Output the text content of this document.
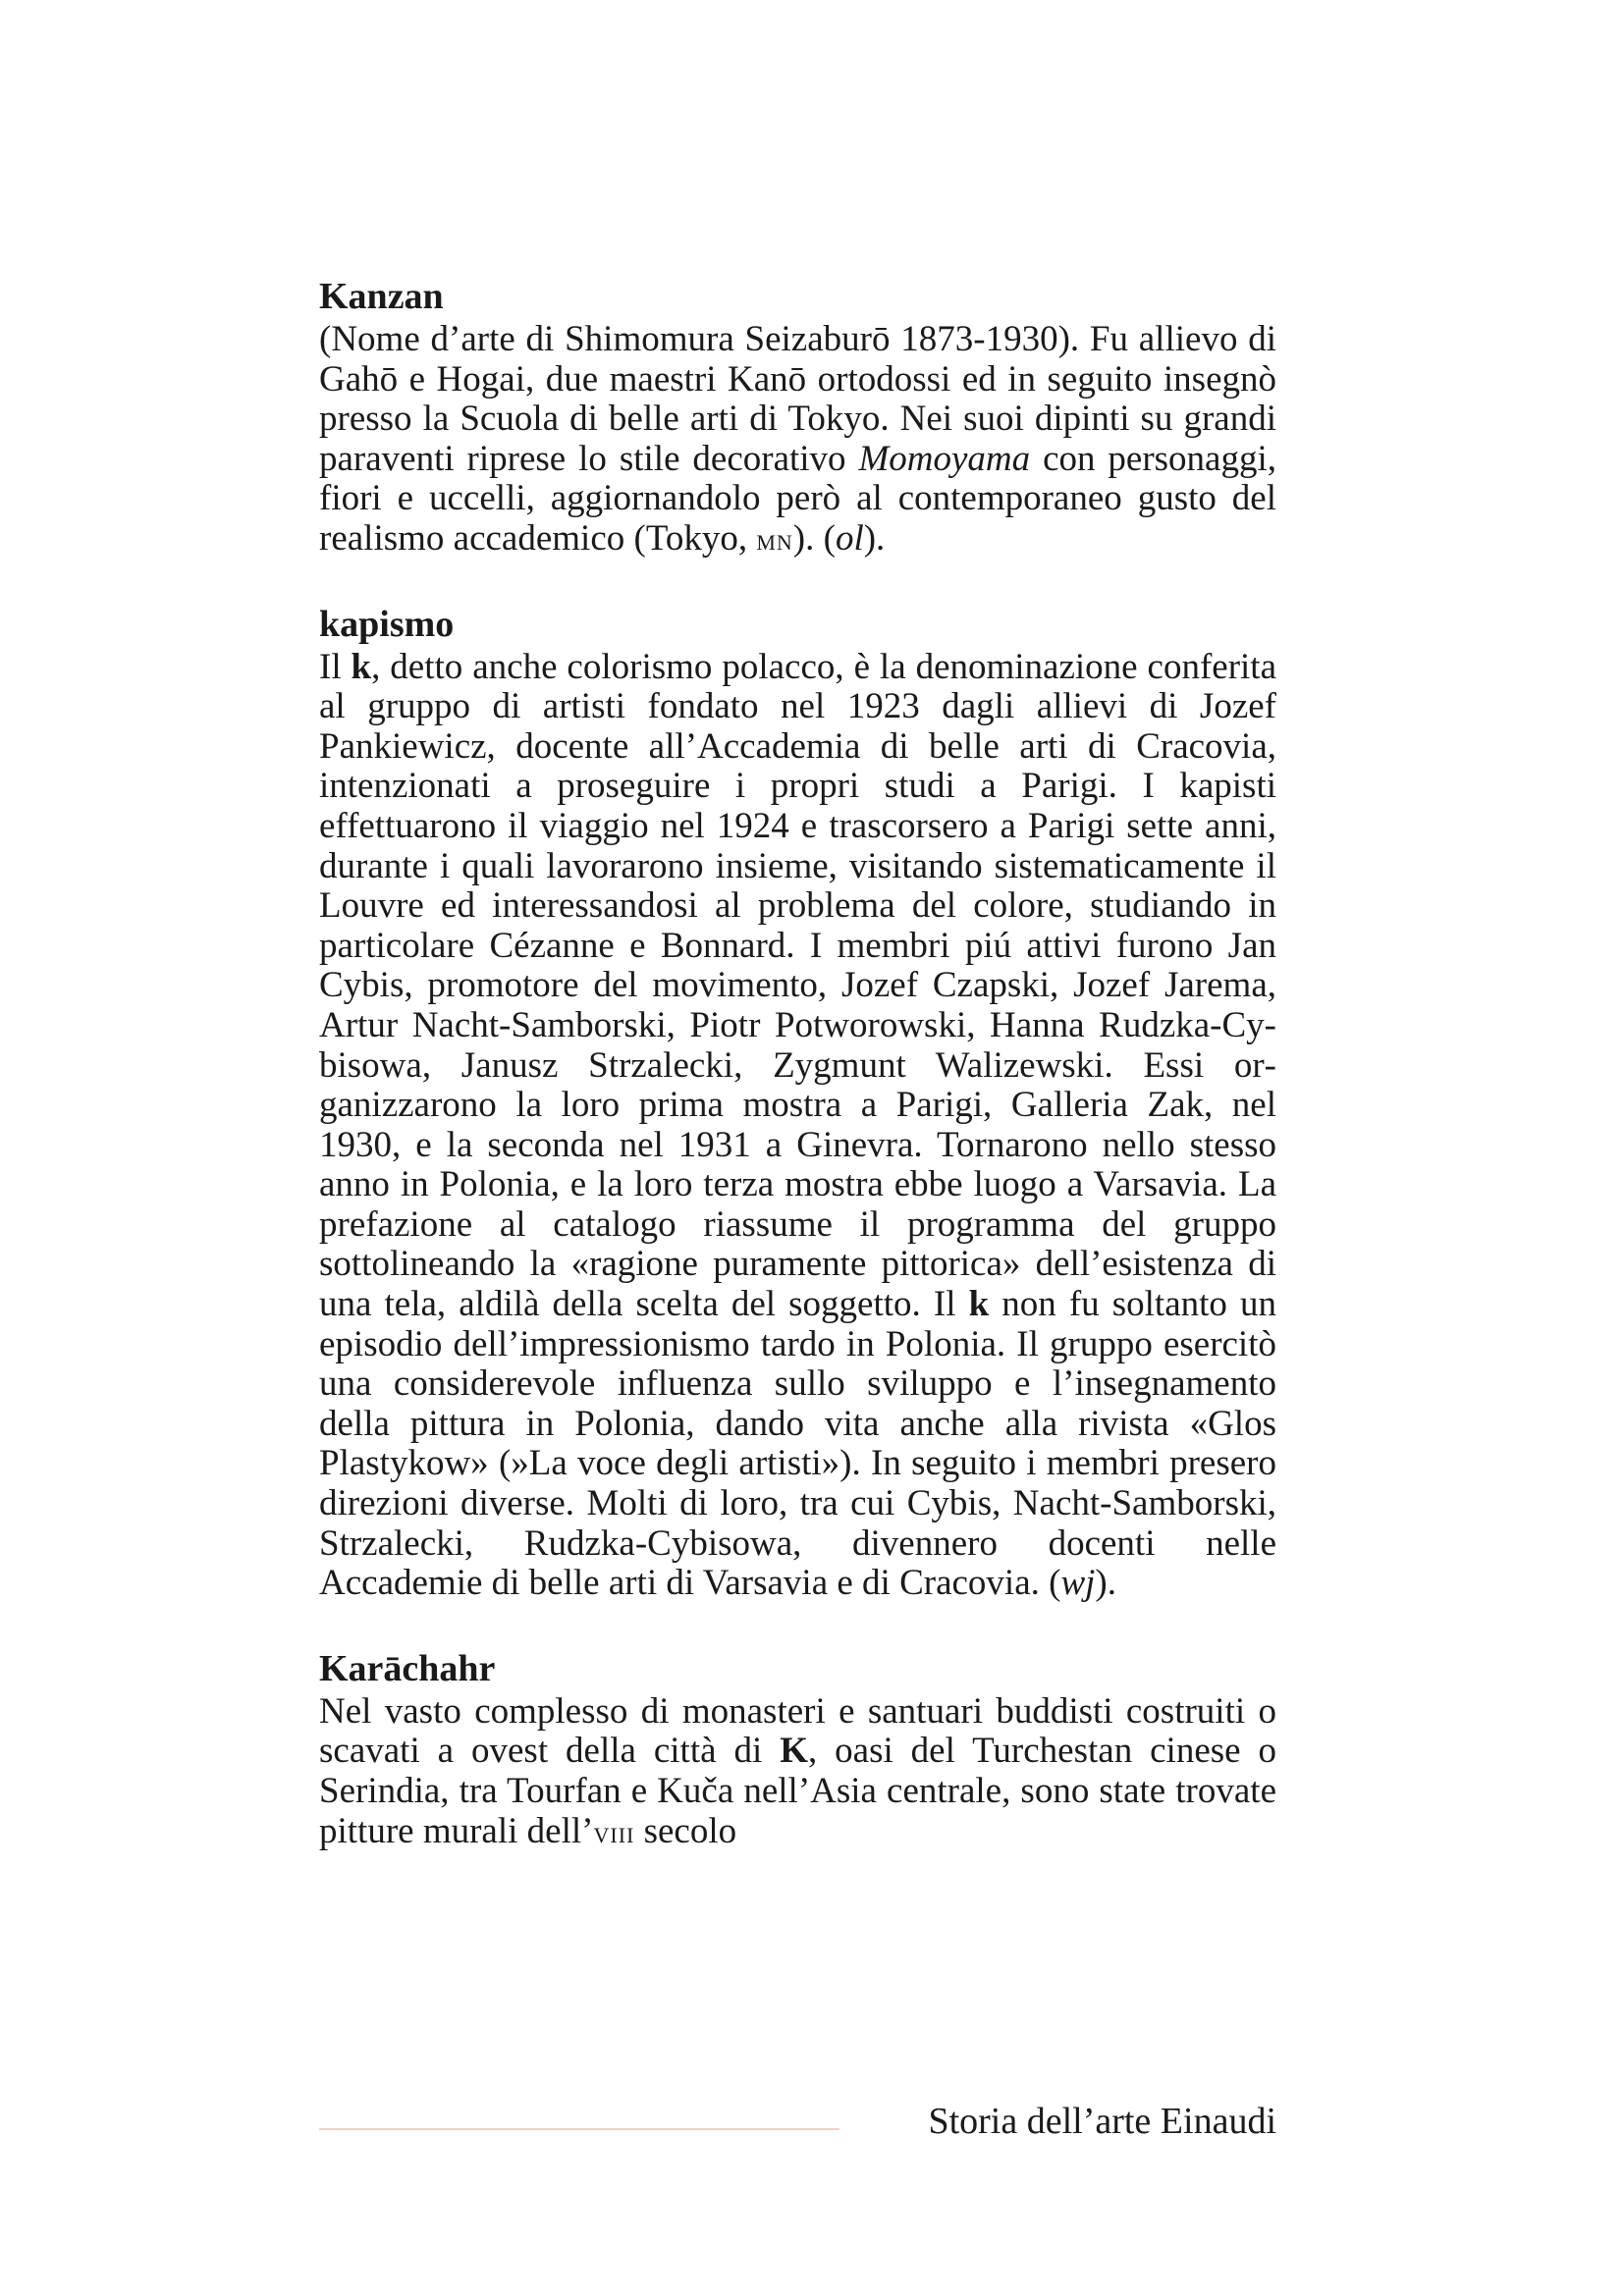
Kanzan

(Nome d’arte di Shimomura Seizaburō 1873-1930). Fu allievo di Gahō e Hogai, due maestri Kanō ortodossi ed in seguito insegnò presso la Scuola di belle arti di Tokyo. Nei suoi dipinti su grandi paraventi riprese lo stile decorativo Momoyama con personaggi, fiori e uccelli, aggiornandolo però al contemporaneo gusto del realismo accademico (Tokyo, mn). (ol).

kapismo

Il k, detto anche colorismo polacco, è la denominazione conferita al gruppo di artisti fondato nel 1923 dagli allievi di Jozef Pankiewicz, docente all’Accademia di belle arti di Cracovia, intenzionati a proseguire i propri studi a Parigi. I kapisti effettuarono il viaggio nel 1924 e trascorsero a Parigi sette anni, durante i quali lavorarono insieme, visitando sistematicamente il Louvre ed interessandosi al problema del colore, studiando in particolare Cézanne e Bonnard. I membri piú attivi furono Jan Cybis, promotore del movimento, Jozef Czapski, Jozef Jarema, Artur Nacht-Samborski, Piotr Potworowski, Hanna Rudzka-Cybisowa, Janusz Strzalecki, Zygmunt Walizewski. Essi organizzarono la loro prima mostra a Parigi, Galleria Zak, nel 1930, e la seconda nel 1931 a Ginevra. Tornarono nello stesso anno in Polonia, e la loro terza mostra ebbe luogo a Varsavia. La prefazione al catalogo riassume il programma del gruppo sottolineando la «ragione puramente pittorica» dell’esistenza di una tela, aldilà della scelta del soggetto. Il k non fu soltanto un episodio dell’impressionismo tardo in Polonia. Il gruppo esercitò una considerevole influenza sullo sviluppo e l’insegnamento della pittura in Polonia, dando vita anche alla rivista «Glos Plastykow» (»La voce degli artisti»). In seguito i membri presero direzioni diverse. Molti di loro, tra cui Cybis, Nacht-Samborski, Strzalecki, Rudzka-Cybisowa, divennero docenti nelle Accademie di belle arti di Varsavia e di Cracovia. (wj).

Karāchahr

Nel vasto complesso di monasteri e santuari buddisti costruiti o scavati a ovest della città di K, oasi del Turchestan cinese o Serindia, tra Tourfan e Kuča nell’Asia centrale, sono state trovate pitture murali dell’viii secolo

Storia dell’arte Einaudi
